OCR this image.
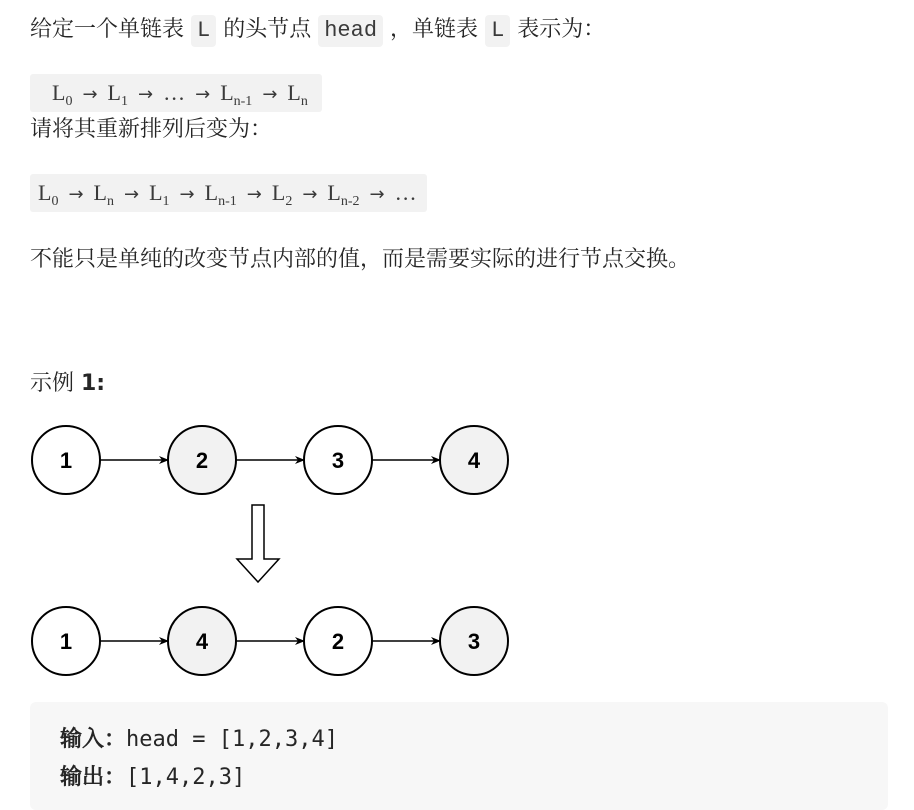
给定一个单链表 L 的头节点 head ，单链表 L 表示为：
$L_0 \to L_1$ → … → $L_{n-1} \to L_n$
请将其重新排列后变为：
$L_0 \to L_n \to L_1 \to L_{n-1} \to L_2 \to L_{n-2}$ → …
不能只是单纯的改变节点内部的值，而是需要实际的进行节点交换。
示例 1:
1	2	3	4
1	4	2	3
输入：head = [1,2,3,4]
输出：[1,4,2,3]
